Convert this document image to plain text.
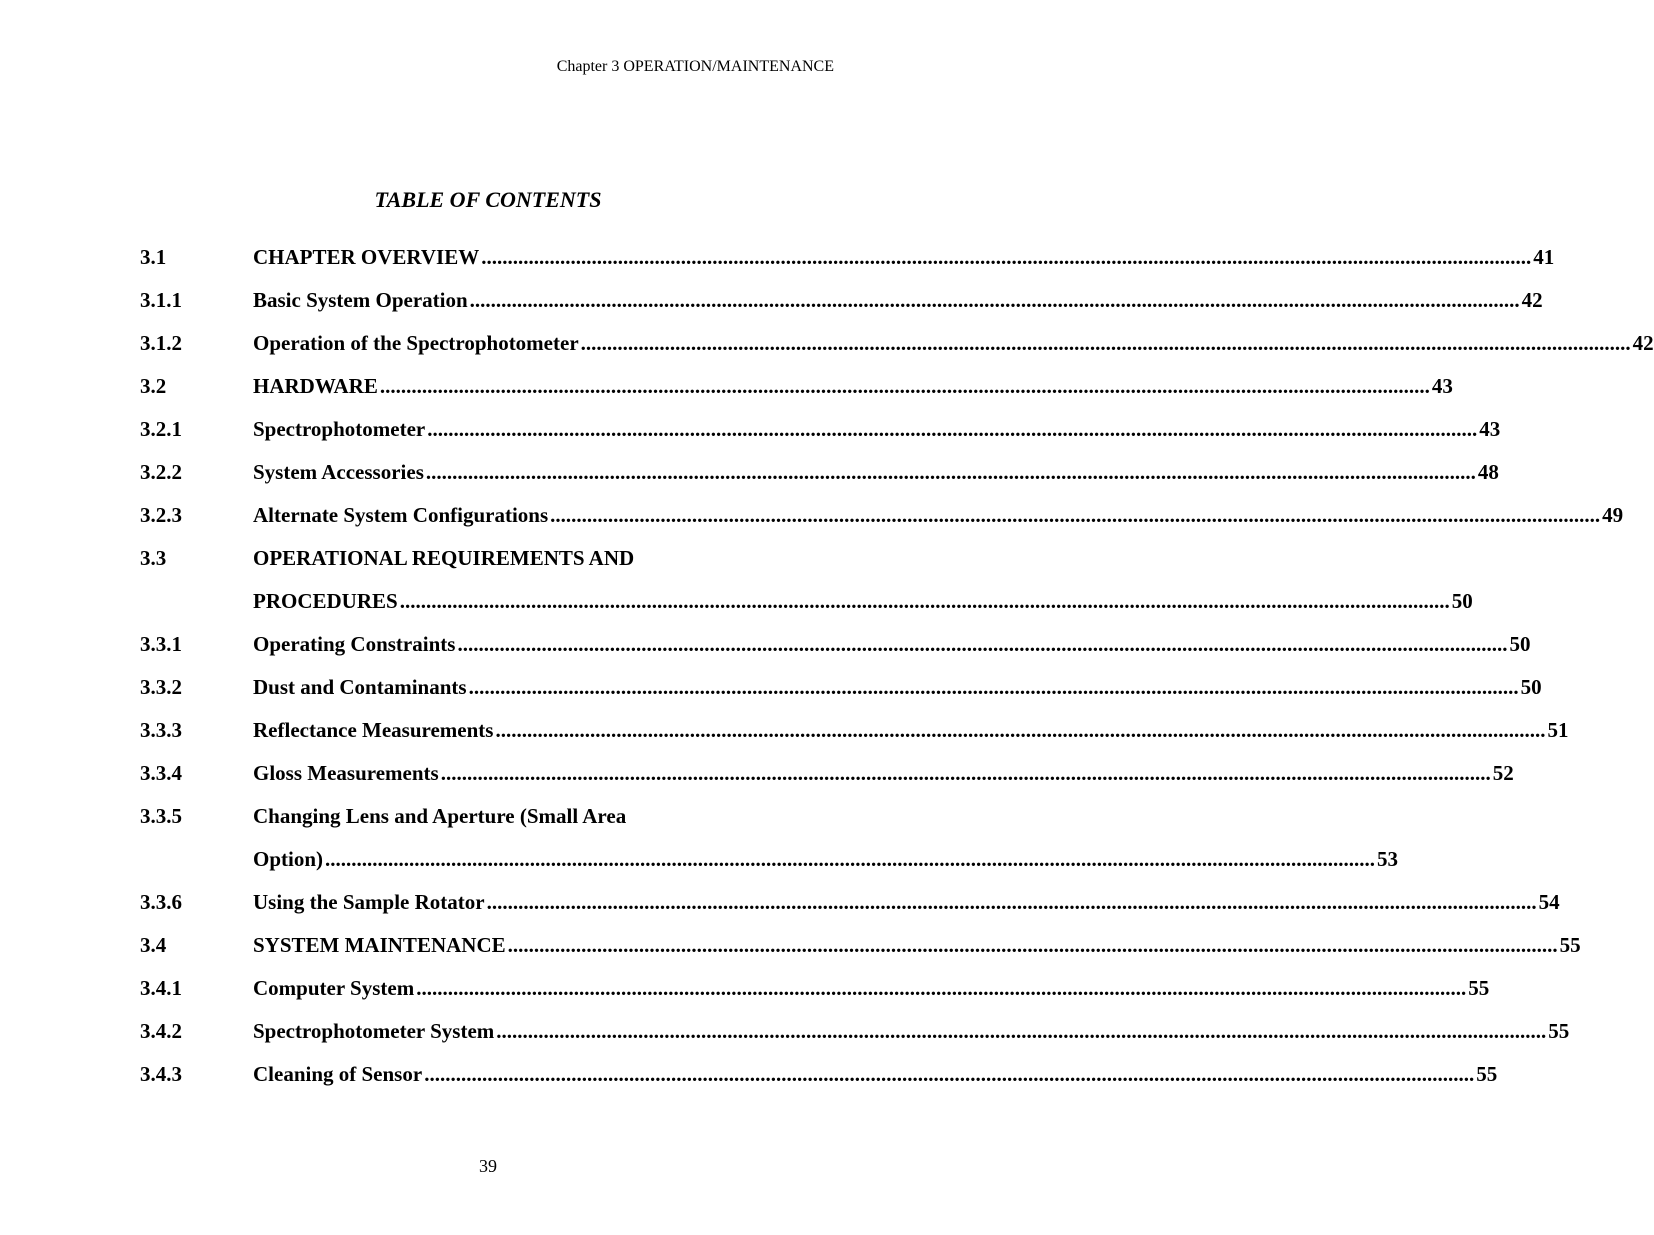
Chapter 3 OPERATION/MAINTENANCE
TABLE OF CONTENTS
3.1	CHAPTER OVERVIEW ........................................................................................................................................................................................................ 41
3.1.1	Basic System Operation ........................................................................................................................................................................................................ 42
3.1.2	Operation of the Spectrophotometer ........................................................................................................................................................................................................ 42
3.2	HARDWARE ........................................................................................................................................................................................................ 43
3.2.1	Spectrophotometer ........................................................................................................................................................................................................ 43
3.2.2	System Accessories ........................................................................................................................................................................................................ 48
3.2.3	Alternate System Configurations ........................................................................................................................................................................................................ 49
3.3	OPERATIONAL REQUIREMENTS AND
PROCEDURES ........................................................................................................................................................................................................ 50
3.3.1	Operating Constraints ........................................................................................................................................................................................................ 50
3.3.2	Dust and Contaminants ........................................................................................................................................................................................................ 50
3.3.3	Reflectance Measurements ........................................................................................................................................................................................................ 51
3.3.4	Gloss Measurements ........................................................................................................................................................................................................ 52
3.3.5	Changing Lens and Aperture (Small Area
Option) ........................................................................................................................................................................................................ 53
3.3.6	Using the Sample Rotator ........................................................................................................................................................................................................ 54
3.4	SYSTEM MAINTENANCE ........................................................................................................................................................................................................ 55
3.4.1	Computer System ........................................................................................................................................................................................................ 55
3.4.2	Spectrophotometer System ........................................................................................................................................................................................................ 55
3.4.3	Cleaning of Sensor ........................................................................................................................................................................................................ 55
39
